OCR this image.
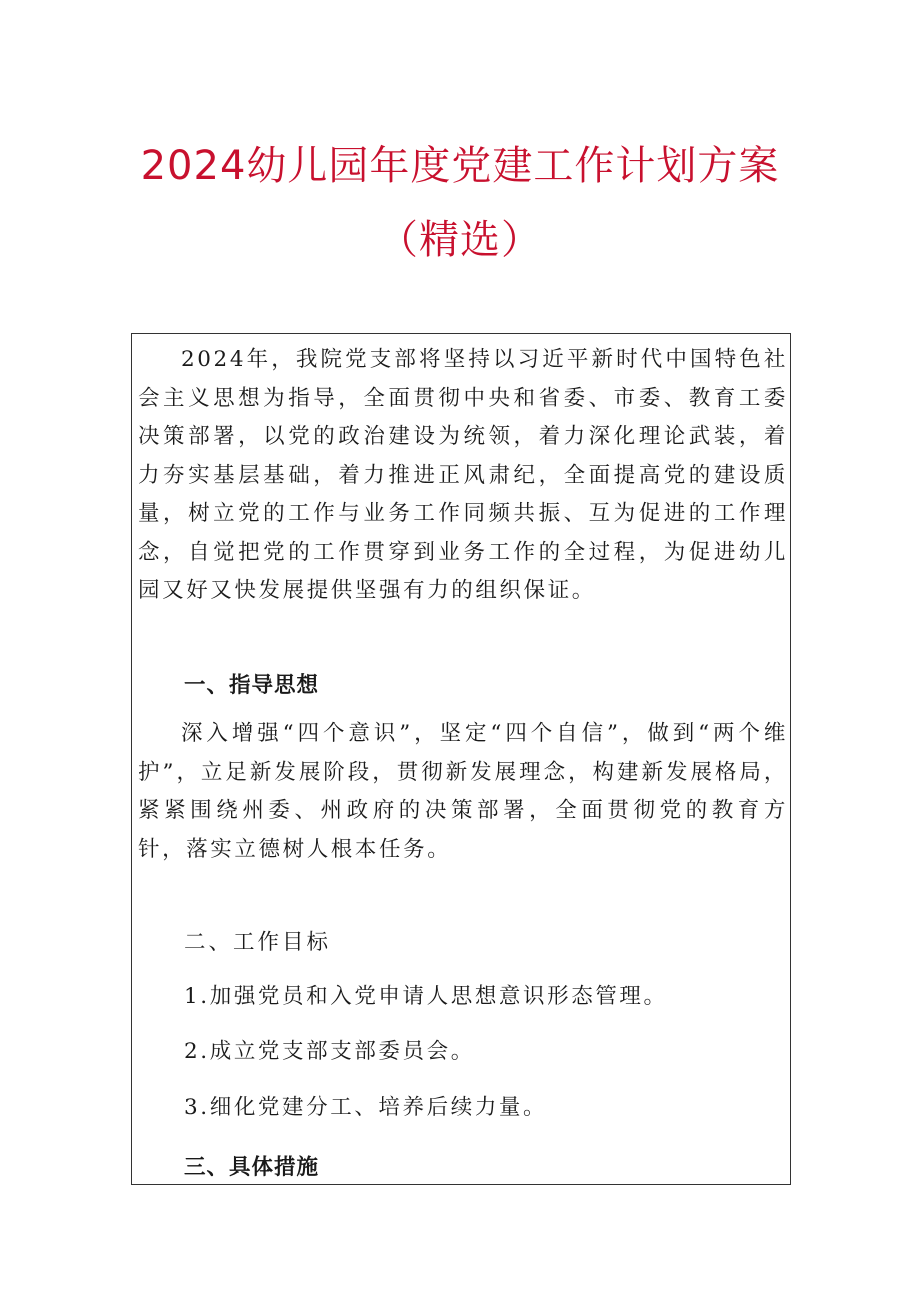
2024幼儿园年度党建工作计划方案
（精选）

2024年，我院党支部将坚持以习近平新时代中国特色社会主义思想为指导，全面贯彻中央和省委、市委、教育工委决策部署，以党的政治建设为统领，着力深化理论武装，着力夯实基层基础，着力推进正风肃纪，全面提高党的建设质量，树立党的工作与业务工作同频共振、互为促进的工作理念，自觉把党的工作贯穿到业务工作的全过程，为促进幼儿园又好又快发展提供坚强有力的组织保证。

一、指导思想

深入增强“四个意识”，坚定“四个自信”，做到“两个维护”，立足新发展阶段，贯彻新发展理念，构建新发展格局，紧紧围绕州委、州政府的决策部署，全面贯彻党的教育方针，落实立德树人根本任务。

二、工作目标

1.加强党员和入党申请人思想意识形态管理。

2.成立党支部支部委员会。

3.细化党建分工、培养后续力量。

三、具体措施
